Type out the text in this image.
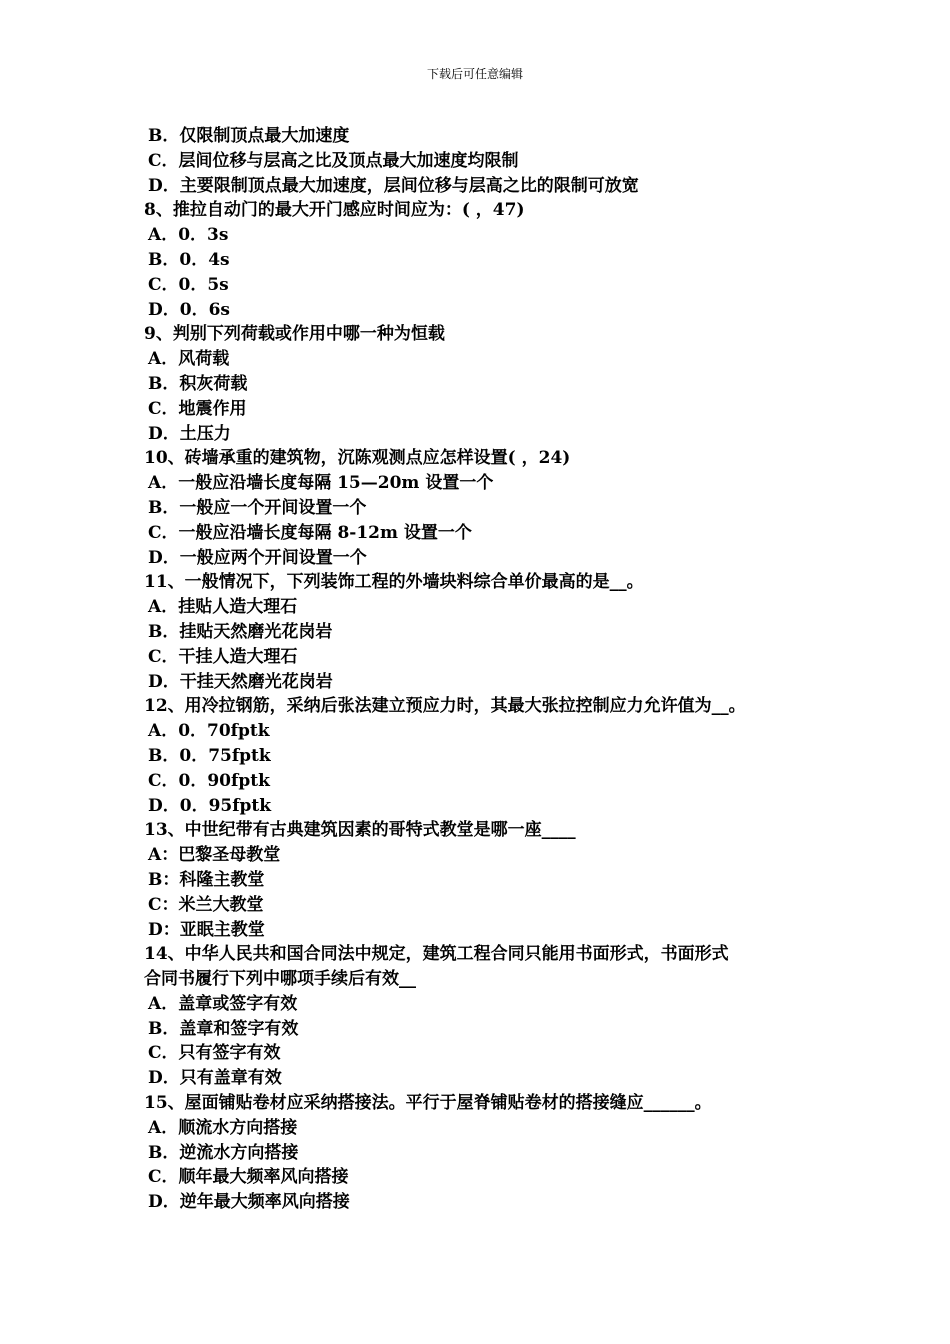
下载后可任意编辑
B．仅限制顶点最大加速度
C．层间位移与层高之比及顶点最大加速度均限制
D．主要限制顶点最大加速度，层间位移与层高之比的限制可放宽
8、推拉自动门的最大开门感应时间应为：( ，47)
A．0．3s
B．0．4s
C．0．5s
D．0．6s
9、判别下列荷载或作用中哪一种为恒载
A．风荷载
B．积灰荷载
C．地震作用
D．土压力
10、砖墙承重的建筑物，沉陈观测点应怎样设置( ，24)
A．一般应沿墙长度每隔 15—20m 设置一个
B．一般应一个开间设置一个
C．一般应沿墙长度每隔 8-12m 设置一个
D．一般应两个开间设置一个
11、一般情况下，下列装饰工程的外墙块料综合单价最高的是__。
A．挂贴人造大理石
B．挂贴天然磨光花岗岩
C．干挂人造大理石
D．干挂天然磨光花岗岩
12、用冷拉钢筋，采纳后张法建立预应力时，其最大张拉控制应力允许值为__。
A．0．70fptk
B．0．75fptk
C．0．90fptk
D．0．95fptk
13、中世纪带有古典建筑因素的哥特式教堂是哪一座____
A：巴黎圣母教堂
B：科隆主教堂
C：米兰大教堂
D：亚眠主教堂
14、中华人民共和国合同法中规定，建筑工程合同只能用书面形式，书面形式
合同书履行下列中哪项手续后有效__
A．盖章或签字有效
B．盖章和签字有效
C．只有签字有效
D．只有盖章有效
15、屋面铺贴卷材应采纳搭接法。平行于屋脊铺贴卷材的搭接缝应______。
A．顺流水方向搭接
B．逆流水方向搭接
C．顺年最大频率风向搭接
D．逆年最大频率风向搭接
